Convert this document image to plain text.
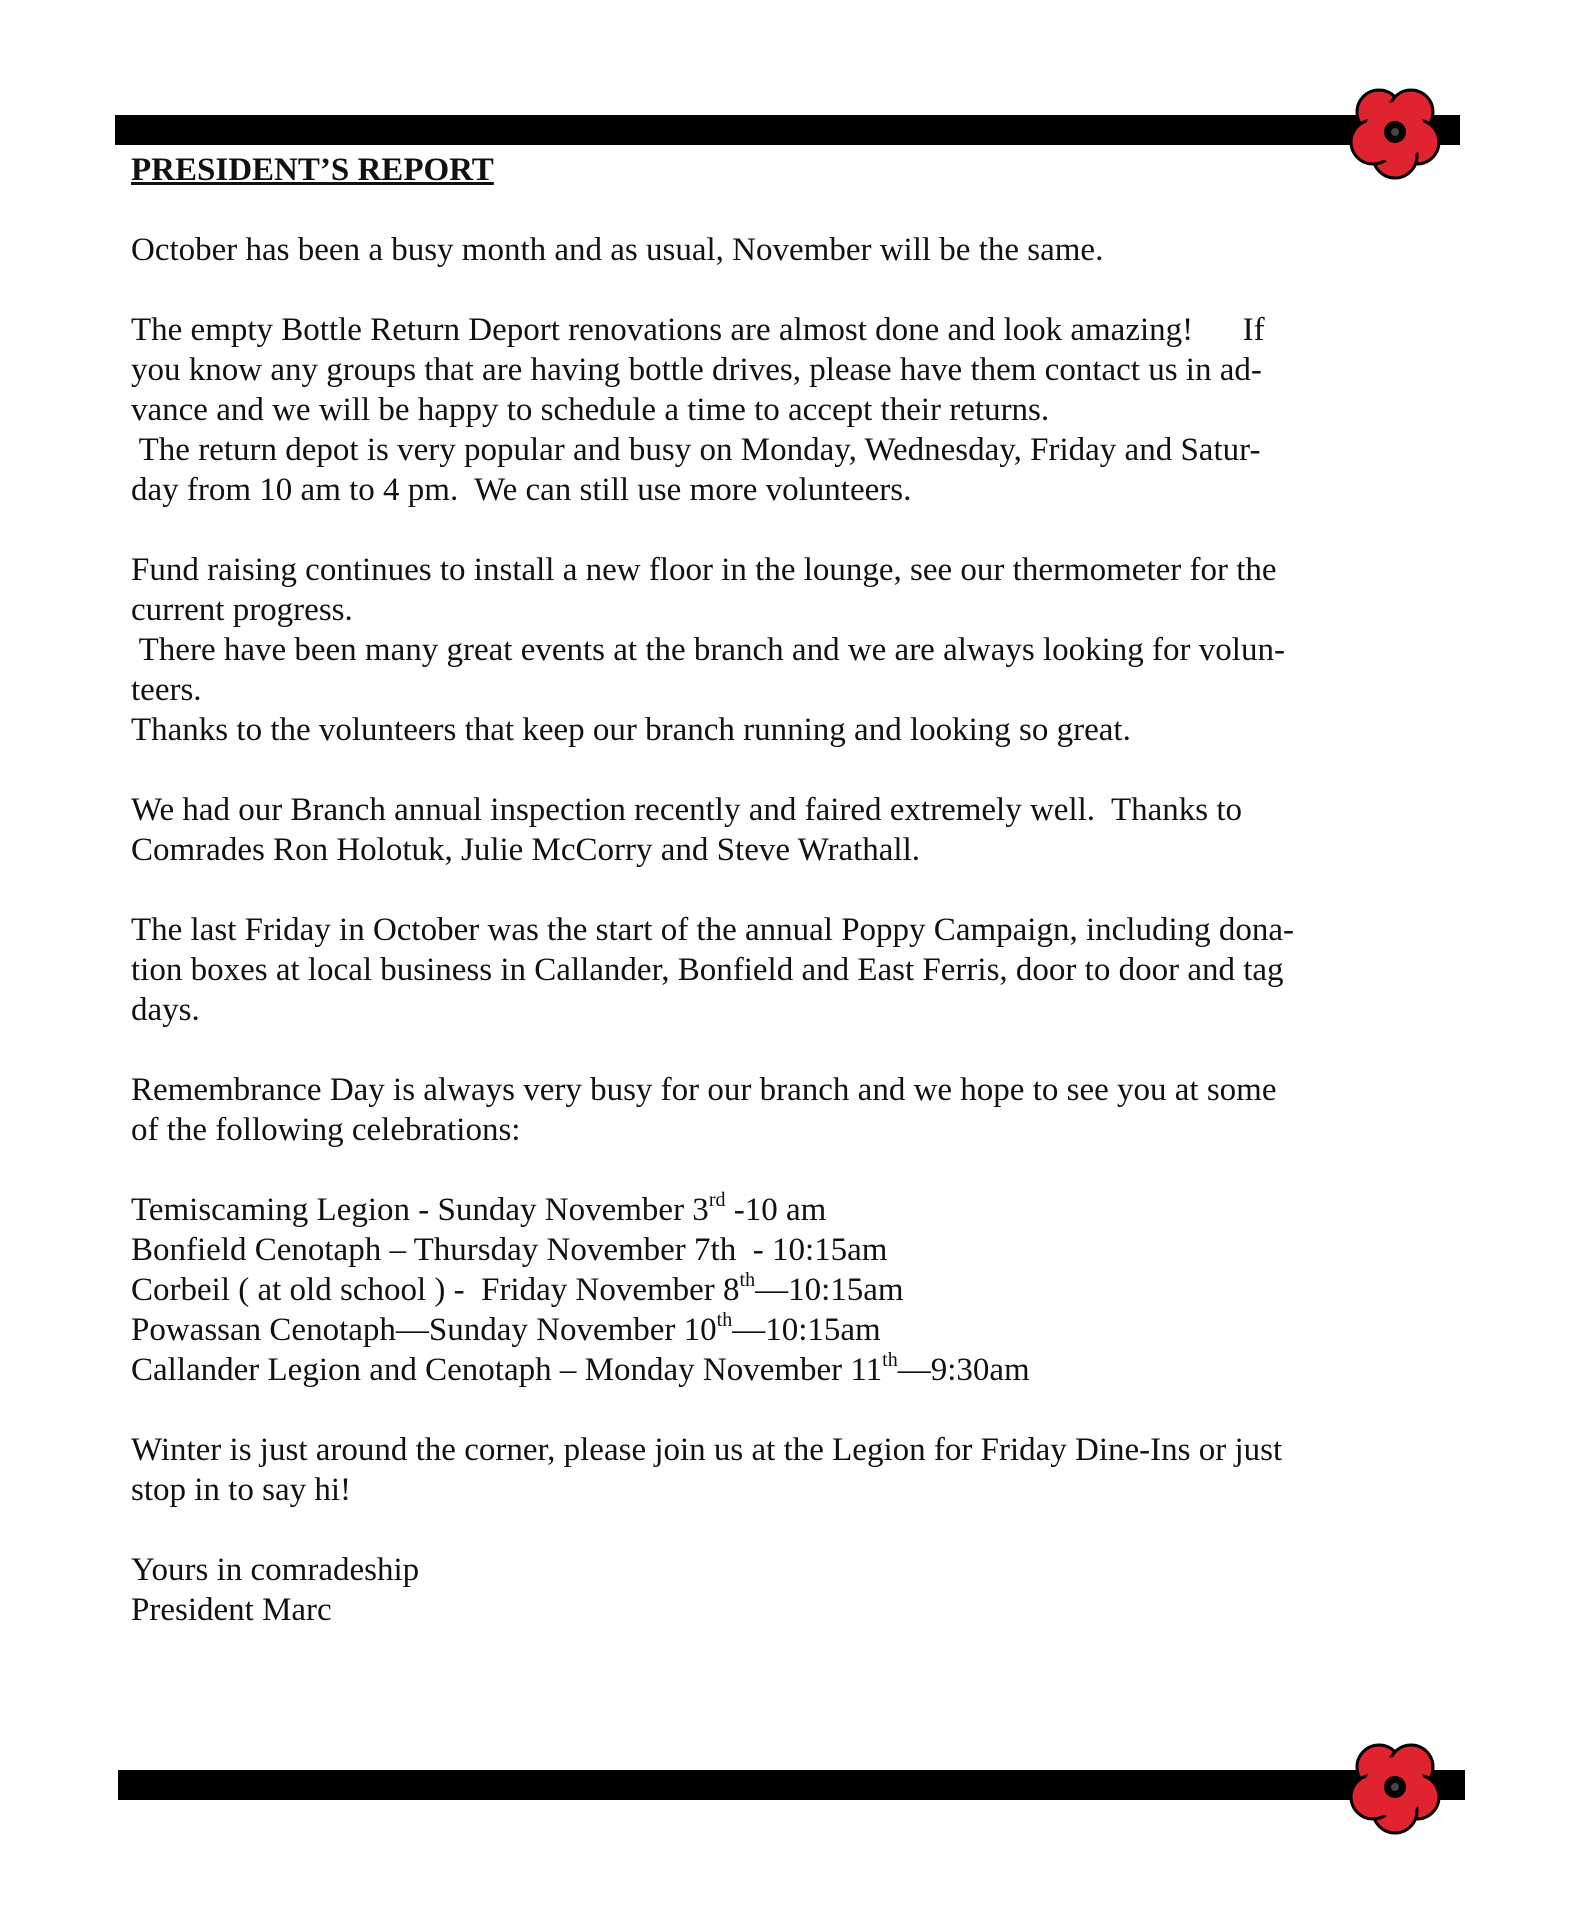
PRESIDENT’S REPORT

October has been a busy month and as usual, November will be the same.

The empty Bottle Return Deport renovations are almost done and look amazing!      If
you know any groups that are having bottle drives, please have them contact us in ad-
vance and we will be happy to schedule a time to accept their returns.
The return depot is very popular and busy on Monday, Wednesday, Friday and Satur-
day from 10 am to 4 pm.  We can still use more volunteers.

Fund raising continues to install a new floor in the lounge, see our thermometer for the
current progress.
There have been many great events at the branch and we are always looking for volun-
teers.
Thanks to the volunteers that keep our branch running and looking so great.

We had our Branch annual inspection recently and faired extremely well.  Thanks to
Comrades Ron Holotuk, Julie McCorry and Steve Wrathall.

The last Friday in October was the start of the annual Poppy Campaign, including dona-
tion boxes at local business in Callander, Bonfield and East Ferris, door to door and tag
days.

Remembrance Day is always very busy for our branch and we hope to see you at some
of the following celebrations:

Temiscaming Legion - Sunday November 3rd -10 am
Bonfield Cenotaph – Thursday November 7th  - 10:15am
Corbeil ( at old school ) -  Friday November 8th—10:15am
Powassan Cenotaph—Sunday November 10th—10:15am
Callander Legion and Cenotaph – Monday November 11th—9:30am

Winter is just around the corner, please join us at the Legion for Friday Dine-Ins or just
stop in to say hi!

Yours in comradeship
President Marc
